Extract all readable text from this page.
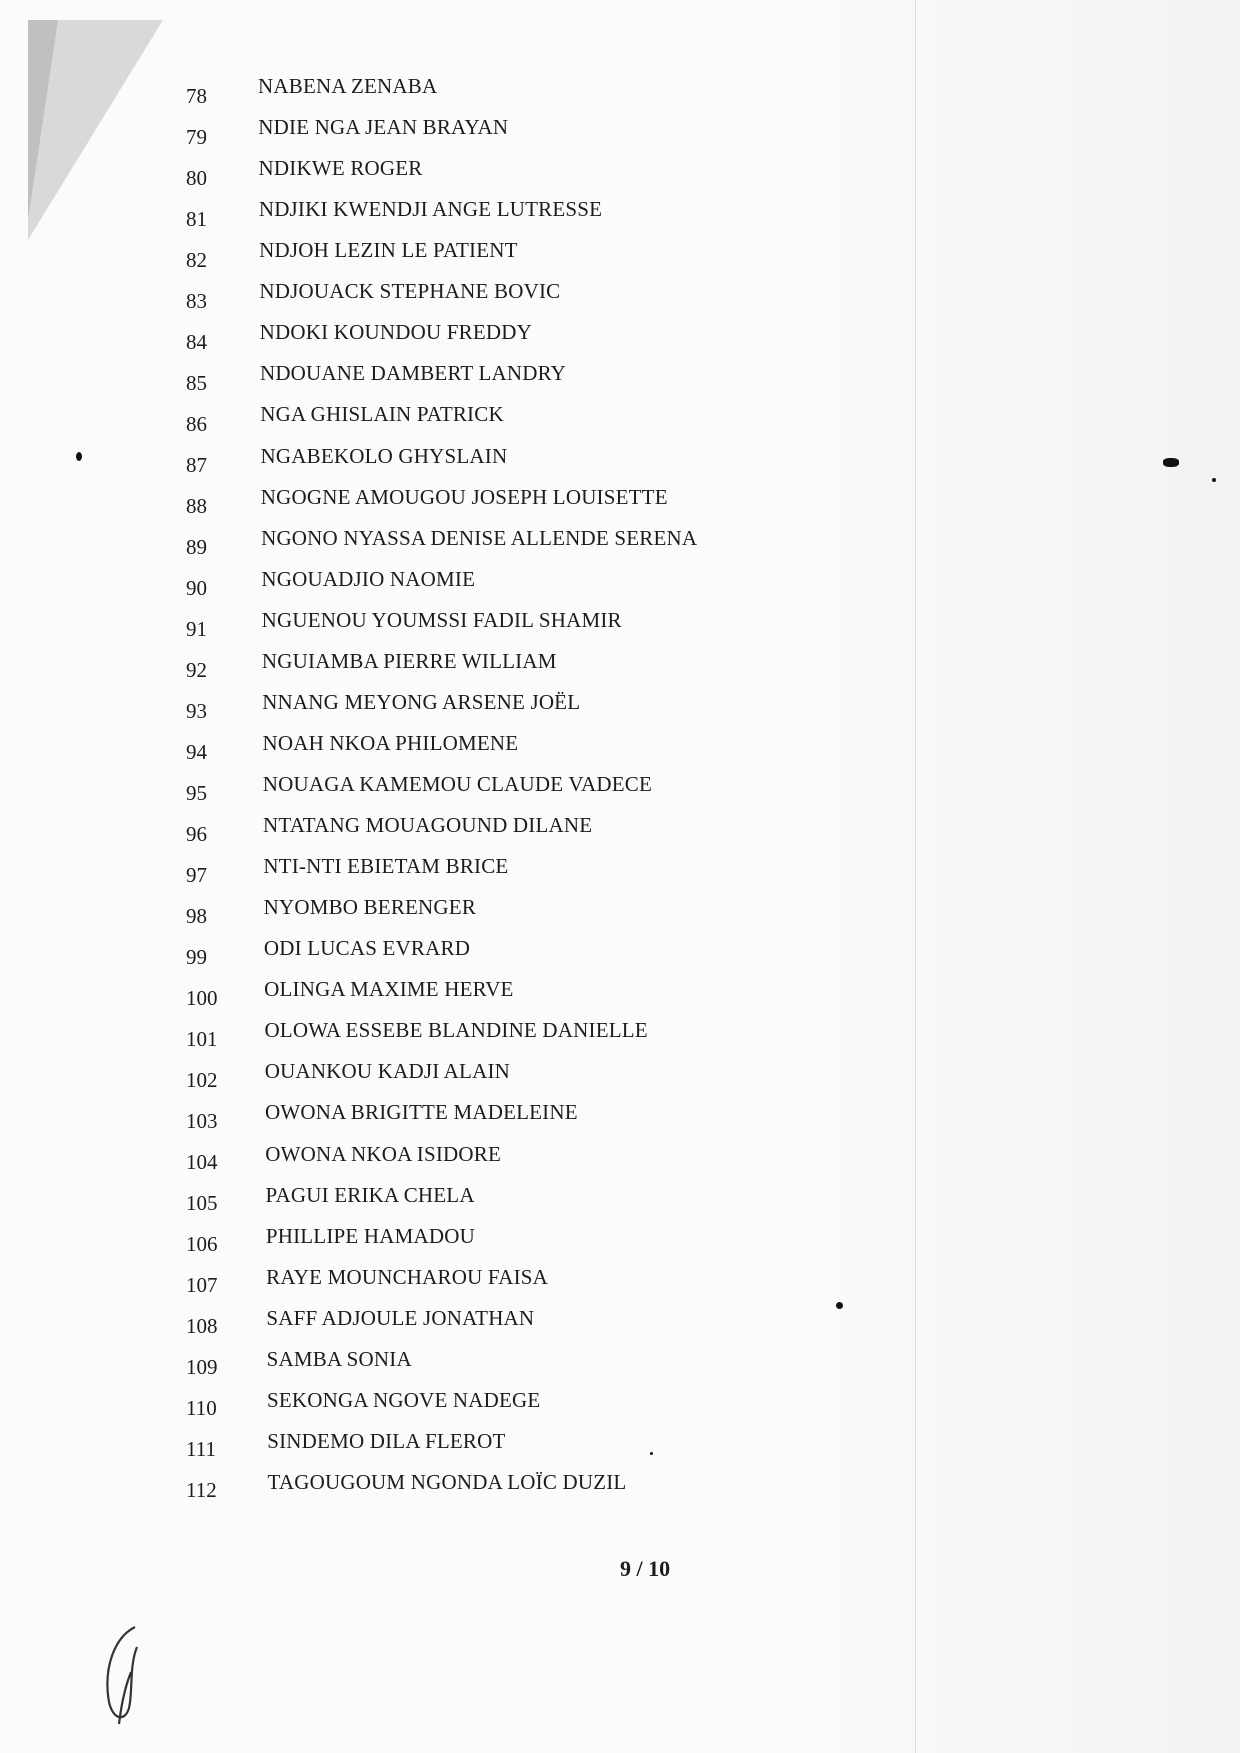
78	NABENA ZENABA
79	NDIE NGA JEAN BRAYAN
80	NDIKWE ROGER
81	NDJIKI KWENDJI ANGE LUTRESSE
82	NDJOH LEZIN LE PATIENT
83	NDJOUACK STEPHANE BOVIC
84	NDOKI KOUNDOU FREDDY
85	NDOUANE DAMBERT LANDRY
86	NGA GHISLAIN PATRICK
87	NGABEKOLO GHYSLAIN
88	NGOGNE AMOUGOU JOSEPH LOUISETTE
89	NGONO NYASSA DENISE ALLENDE SERENA
90	NGOUADJIO NAOMIE
91	NGUENOU YOUMSSI FADIL SHAMIR
92	NGUIAMBA PIERRE WILLIAM
93	NNANG MEYONG ARSENE JOËL
94	NOAH NKOA PHILOMENE
95	NOUAGA KAMEMOU CLAUDE VADECE
96	NTATANG MOUAGOUND DILANE
97	NTI-NTI EBIETAM BRICE
98	NYOMBO BERENGER
99	ODI LUCAS EVRARD
100	OLINGA MAXIME HERVE
101	OLOWA ESSEBE BLANDINE DANIELLE
102	OUANKOU KADJI ALAIN
103	OWONA BRIGITTE MADELEINE
104	OWONA NKOA ISIDORE
105	PAGUI ERIKA CHELA
106	PHILLIPE HAMADOU
107	RAYE MOUNCHAROU FAISA
108	SAFF ADJOULE JONATHAN
109	SAMBA SONIA
110	SEKONGA NGOVE NADEGE
111	SINDEMO DILA FLEROT
112	TAGOUGOUM NGONDA LOÏC DUZIL
9 / 10
